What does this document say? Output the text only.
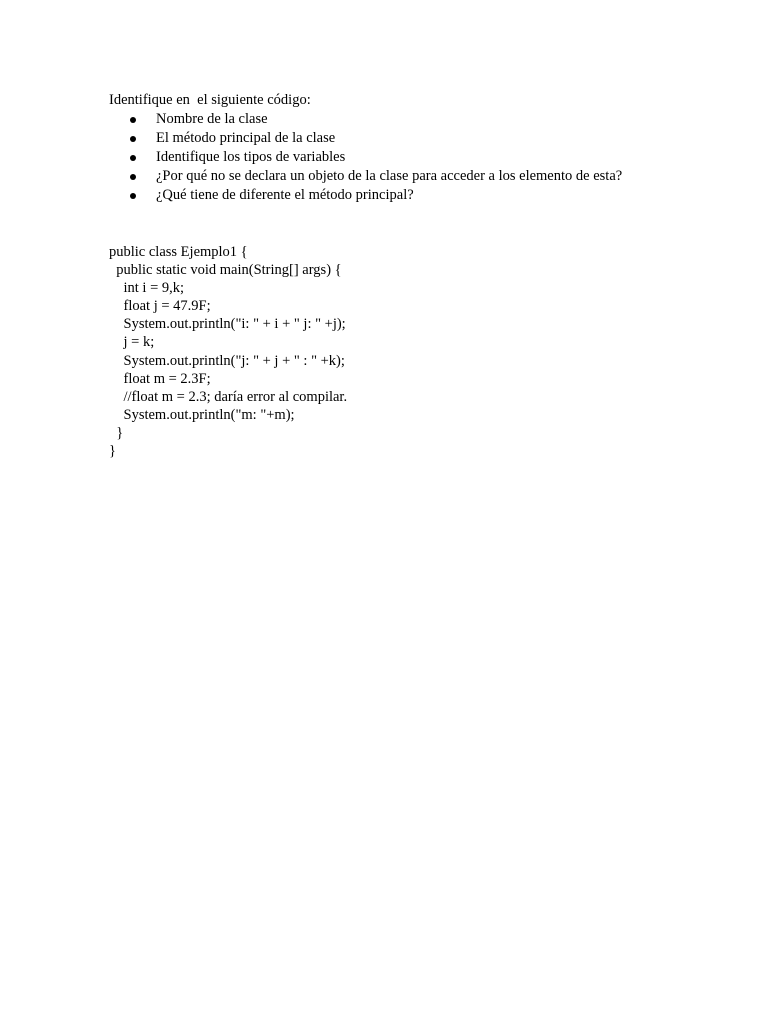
Identifique en  el siguiente código:
Nombre de la clase
El método principal de la clase
Identifique los tipos de variables
¿Por qué no se declara un objeto de la clase para acceder a los elemento de esta?
¿Qué tiene de diferente el método principal?
public class Ejemplo1 {
public static void main(String[] args) {
int i = 9,k;
float j = 47.9F;
System.out.println("i: " + i + " j: " +j);
j = k;
System.out.println("j: " + j + " : " +k);
float m = 2.3F;
//float m = 2.3; daría error al compilar.
System.out.println("m: "+m);
}
}
